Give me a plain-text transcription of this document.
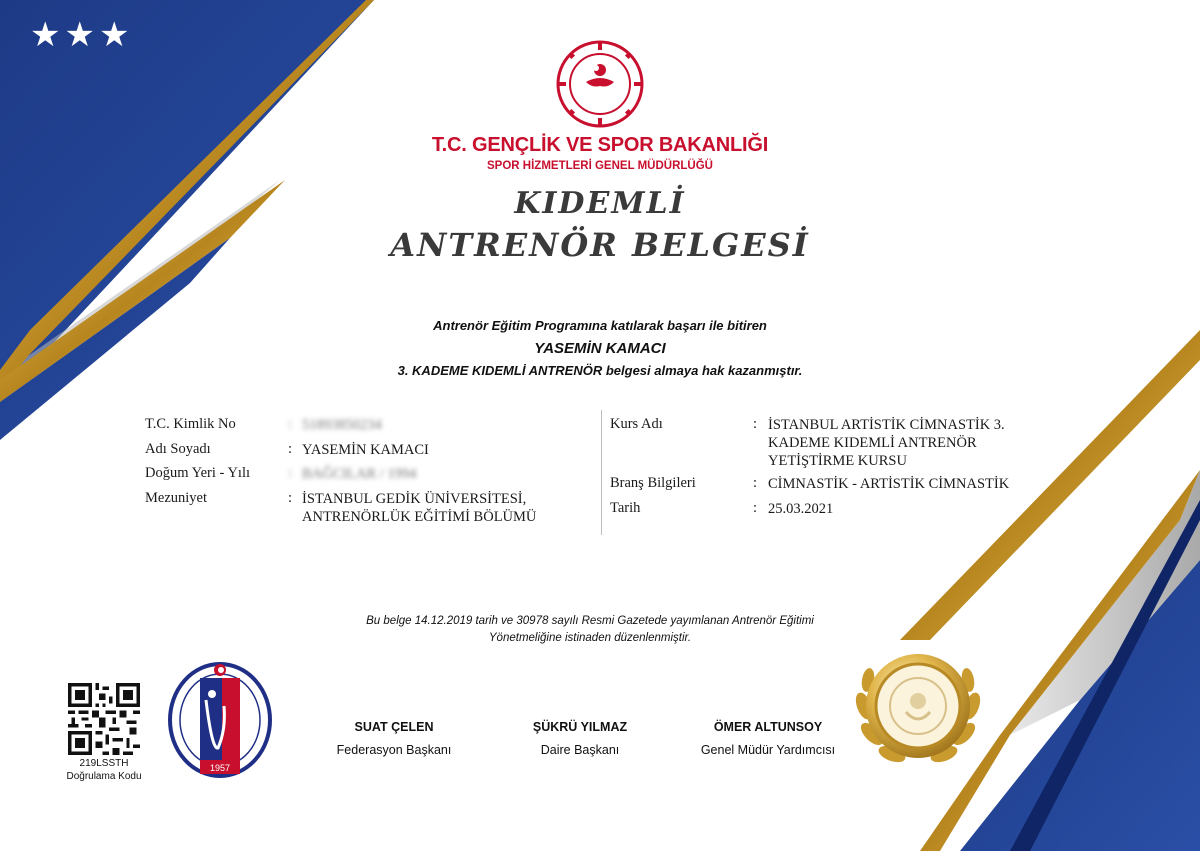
★★★
T.C. GENÇLİK VE SPOR BAKANLIĞI
SPOR HİZMETLERİ GENEL MÜDÜRLÜĞÜ
KIDEMLİ
ANTRENÖR BELGESİ
Antrenör Eğitim Programına katılarak başarı ile bitiren
YASEMİN KAMACI
3. KADEME KIDEMLİ ANTRENÖR belgesi almaya hak kazanmıştır.
T.C. Kimlik No	: 51893850234
Adı Soyadı	: YASEMİN KAMACI
Doğum Yeri - Yılı	: BAĞCILAR / 1994
Mezuniyet	: İSTANBUL GEDİK ÜNİVERSİTESİ,
ANTRENÖRLÜK EĞİTİMİ BÖLÜMÜ
Kurs Adı	: İSTANBUL ARTİSTİK CİMNASTİK 3.
KADEME KIDEMLİ ANTRENÖR
YETİŞTİRME KURSU
Branş Bilgileri	: CİMNASTİK - ARTİSTİK CİMNASTİK
Tarih	: 25.03.2021
Bu belge 14.12.2019 tarih ve 30978 sayılı Resmi Gazetede yayımlanan Antrenör Eğitimi
Yönetmeliğine istinaden düzenlenmiştir.
219LSSTH
Doğrulama Kodu
1957
SUAT ÇELEN
Federasyon Başkanı
ŞÜKRÜ YILMAZ
Daire Başkanı
ÖMER ALTUNSOY
Genel Müdür Yardımcısı
